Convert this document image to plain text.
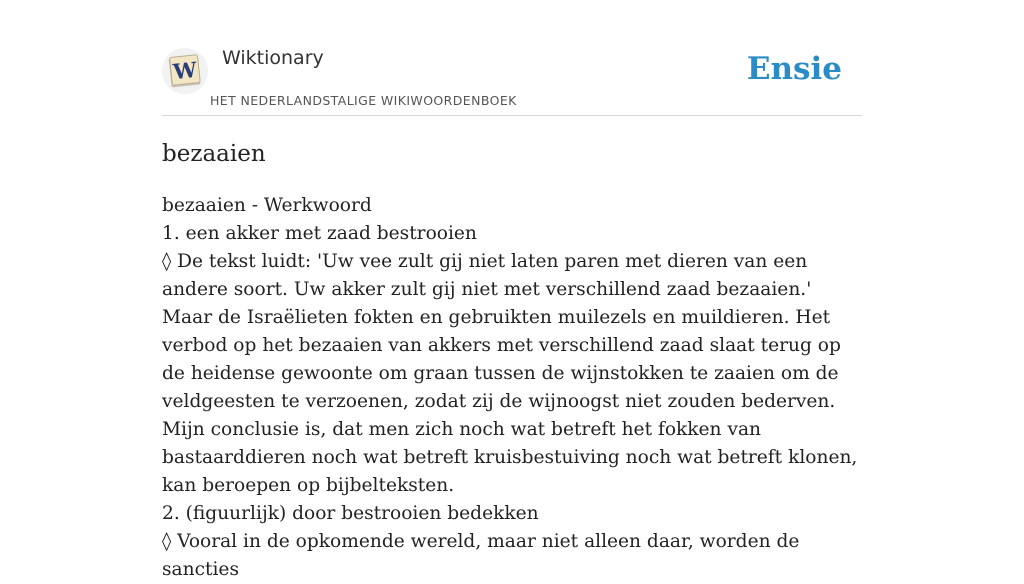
W Wiktionary
HET NEDERLANDSTALIGE WIKIWOORDENBOEK
Ensie
bezaaien

bezaaien - Werkwoord

1. een akker met zaad bestrooien

◊ De tekst luidt: 'Uw vee zult gij niet laten paren met dieren van een andere soort. Uw akker zult gij niet met verschillend zaad bezaaien.' Maar de Israëlieten fokten en gebruikten muilezels en muildieren. Het verbod op het bezaaien van akkers met verschillend zaad slaat terug op de heidense gewoonte om graan tussen de wijnstokken te zaaien om de veldgeesten te verzoenen, zodat zij de wijnoogst niet zouden bederven. Mijn conclusie is, dat men zich noch wat betreft het fokken van bastaarddieren noch wat betreft kruisbestuiving noch wat betreft klonen, kan beroepen op bijbelteksten.

2. (figuurlijk) door bestrooien bedekken

◊ Vooral in de opkomende wereld, maar niet alleen daar, worden de sancties
